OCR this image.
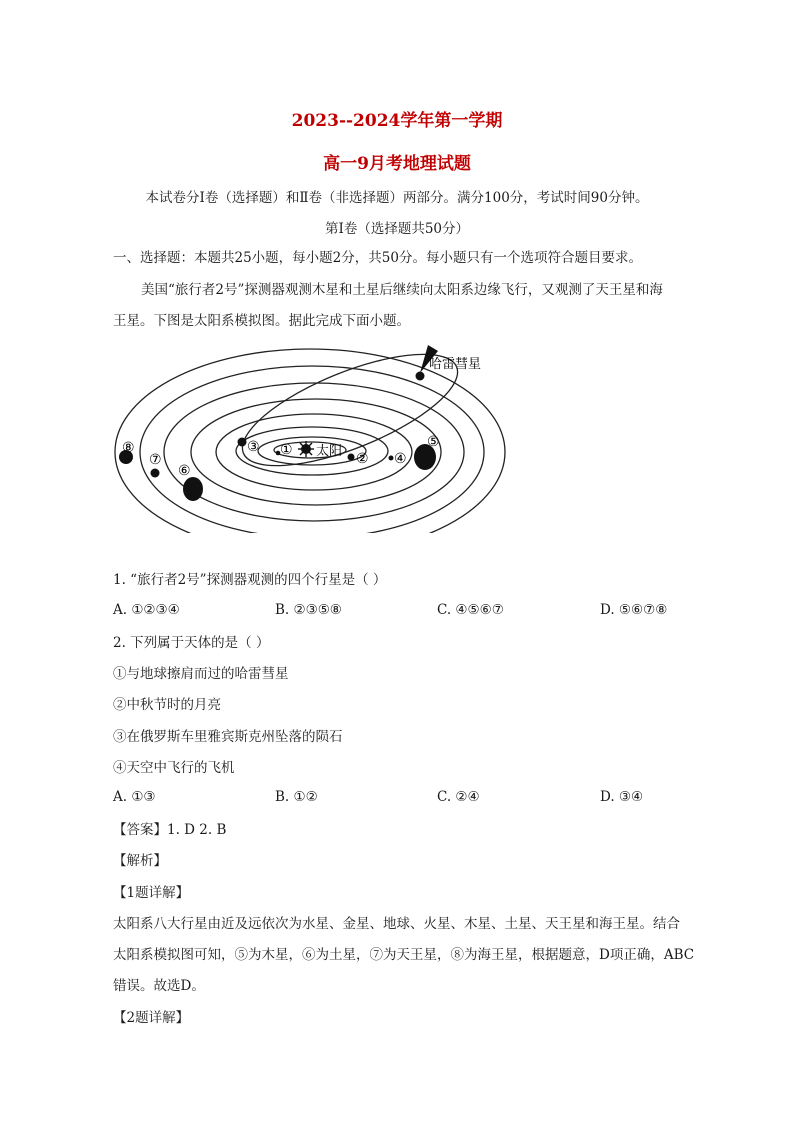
2023--2024学年第一学期
高一9月考地理试题
本试卷分Ⅰ卷（选择题）和Ⅱ卷（非选择题）两部分。满分100分，考试时间90分钟。
第Ⅰ卷（选择题共50分）
一、选择题：本题共25小题，每小题2分，共50分。每小题只有一个选项符合题目要求。
美国“旅行者2号”探测器观测木星和土星后继续向太阳系边缘飞行，又观测了天王星和海
王星。下图是太阳系模拟图。据此完成下面小题。
太阳
哈雷彗星
①
②
③
④
⑤
⑥
⑦
⑧
1. “旅行者2号”探测器观测的四个行星是（ ）
A. ①②③④	B. ②③⑤⑧	C. ④⑤⑥⑦	D. ⑤⑥⑦⑧
2. 下列属于天体的是（ ）
①与地球擦肩而过的哈雷彗星
②中秋节时的月亮
③在俄罗斯车里雅宾斯克州坠落的陨石
④天空中飞行的飞机
A. ①③	B. ①②	C. ②④	D. ③④
【答案】1. D 2. B
【解析】
【1题详解】
太阳系八大行星由近及远依次为水星、金星、地球、火星、木星、土星、天王星和海王星。结合
太阳系模拟图可知，⑤为木星，⑥为土星，⑦为天王星，⑧为海王星，根据题意，D项正确，ABC
错误。故选D。
【2题详解】
